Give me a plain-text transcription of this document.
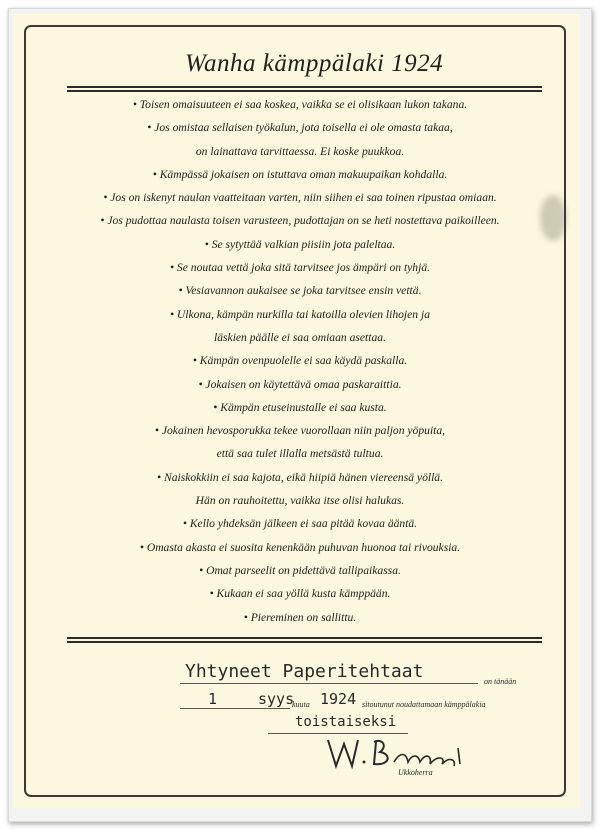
Wanha kämppälaki 1924
• Toisen omaisuuteen ei saa koskea, vaikka se ei olisikaan lukon takana.
• Jos omistaa sellaisen työkalun, jota toisella ei ole omasta takaa,
on lainattava tarvittaessa. Ei koske puukkoa.
• Kämpässä jokaisen on istuttava oman makuupaikan kohdalla.
• Jos on iskenyt naulan vaatteitaan varten, niin siihen ei saa toinen ripustaa omiaan.
• Jos pudottaa naulasta toisen varusteen, pudottajan on se heti nostettava paikoilleen.
• Se sytyttää valkian piisiin jota paleltaa.
• Se noutaa vettä joka sitä tarvitsee jos ämpäri on tyhjä.
• Vesiavannon aukaisee se joka tarvitsee ensin vettä.
• Ulkona, kämpän nurkilla tai katoilla olevien lihojen ja
läskien päälle ei saa omiaan asettaa.
• Kämpän ovenpuolelle ei saa käydä paskalla.
• Jokaisen on käytettävä omaa paskaraittia.
• Kämpän etuseinustalle ei saa kusta.
• Jokainen hevosporukka tekee vuorollaan niin paljon yöpuita,
että saa tulet illalla metsästä tultua.
• Naiskokkiin ei saa kajota, eikä hiipiä hänen viereensä yöllä.
Hän on rauhoitettu, vaikka itse olisi halukas.
• Kello yhdeksän jälkeen ei saa pitää kovaa ääntä.
• Omasta akasta ei suosita kenenkään puhuvan huonoa tai rivouksia.
• Omat parseelit on pidettävä tallipaikassa.
• Kukaan ei saa yöllä kusta kämppään.
• Piereminen on sallittu.
Yhtyneet Paperitehtaat	on tänään
1	syys
kuuta 1924 sitoutunut noudattamaan kämppälakia
toistaiseksi
Ukkoherra
